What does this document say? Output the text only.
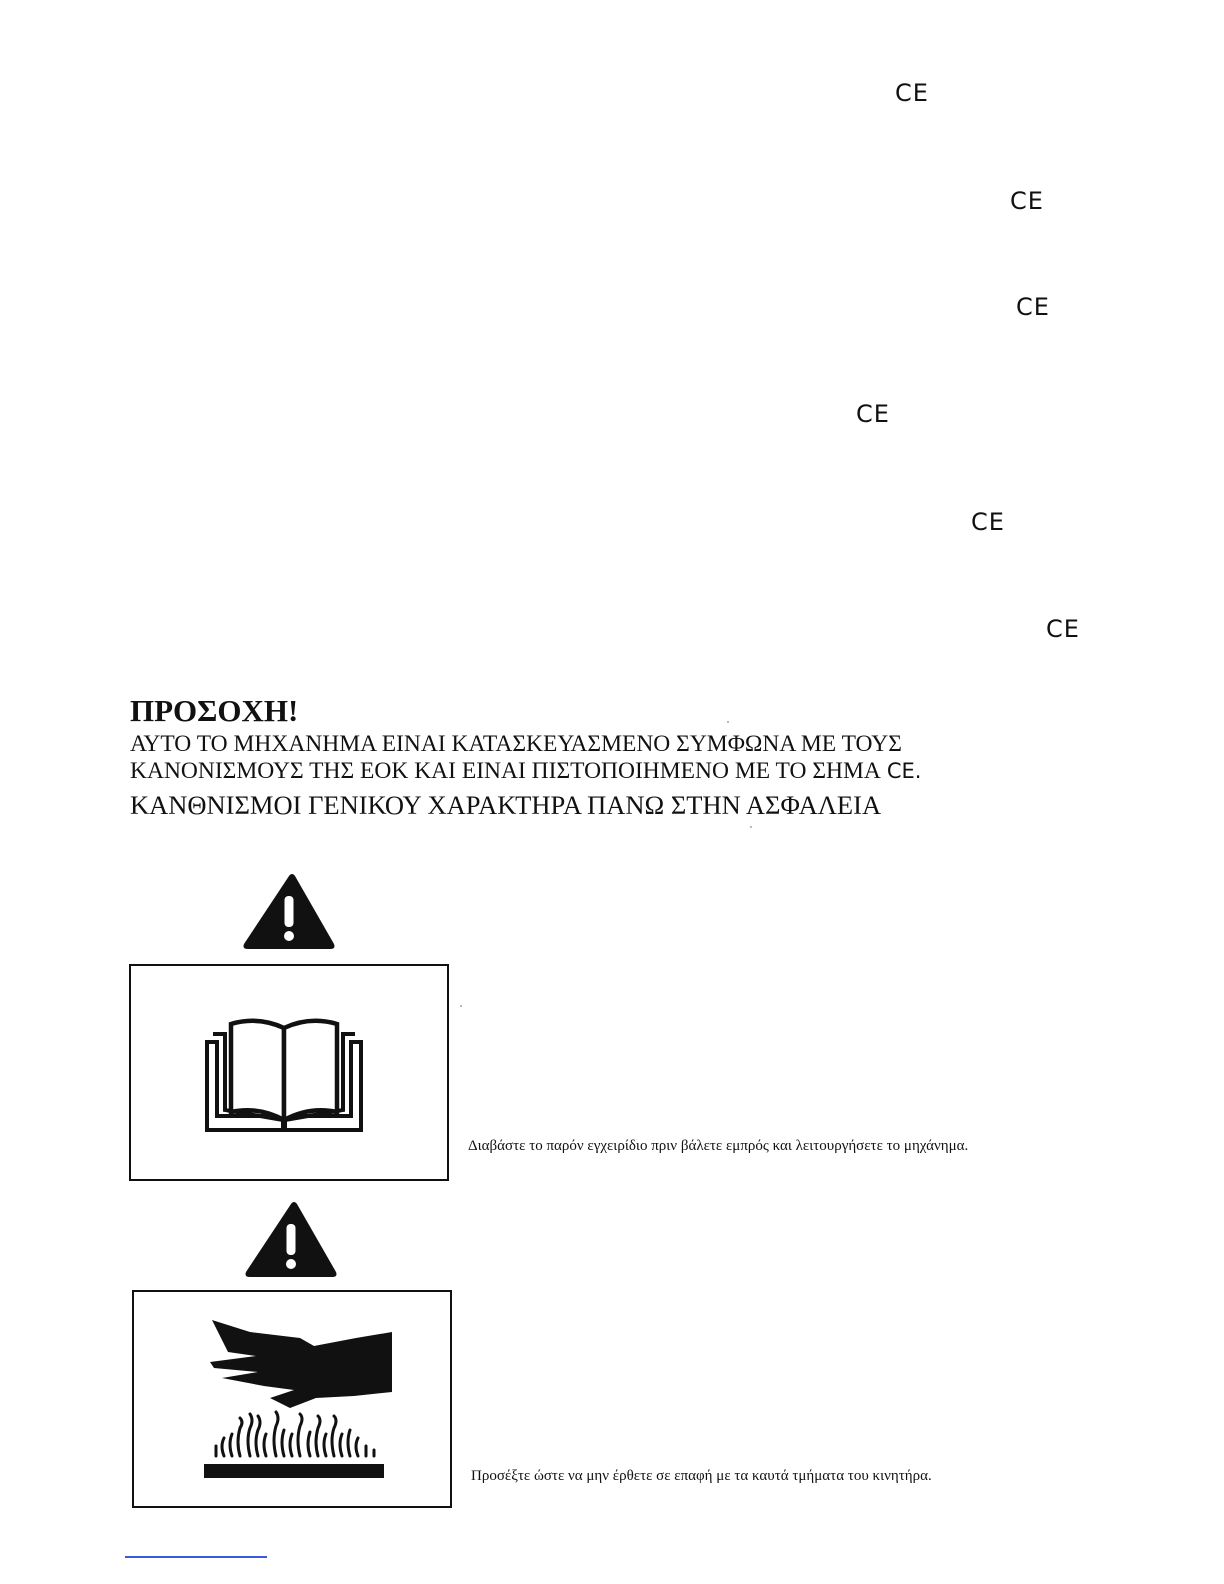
CE
CE
CE
CE
CE
CE
ΠΡΟΣΟΧΗ!
ΑΥΤΟ ΤΟ ΜΗΧΑΝΗΜΑ ΕΙΝΑΙ ΚΑΤΑΣΚΕΥΑΣΜΕΝΟ ΣΥΜΦΩΝΑ ΜΕ ΤΟΥΣ
ΚΑΝΟΝΙΣΜΟΥΣ ΤΗΣ ΕΟΚ ΚΑΙ ΕΙΝΑΙ ΠΙΣΤΟΠΟΙΗΜΕΝΟ ΜΕ ΤΟ ΣΗΜΑ CE.
ΚΑΝΘΝΙΣΜΟΙ ΓΕΝΙΚΟΥ ΧΑΡΑΚΤΗΡΑ ΠΑΝΩ ΣΤΗΝ ΑΣΦΑΛΕΙΑ
Διαβάστε το παρόν εγχειρίδιο πριν βάλετε εμπρός και λειτουργήσετε το μηχάνημα.
Προσέξτε ώστε να μην έρθετε σε επαφή με τα καυτά τμήματα του κινητήρα.
